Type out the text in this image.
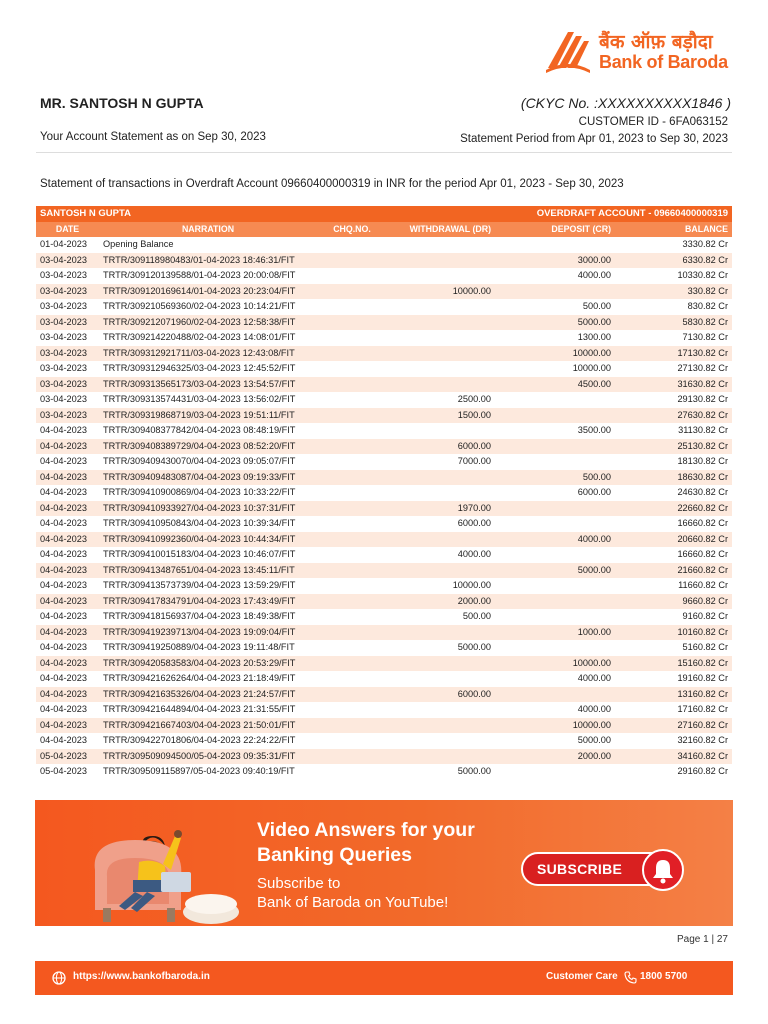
बैंक ऑफ़ बड़ौदा
Bank of Baroda
MR. SANTOSH N GUPTA	(CKYC No. :XXXXXXXXXX1846 )
CUSTOMER ID - 6FA063152
Your Account Statement as on Sep 30, 2023	Statement Period from Apr 01, 2023 to Sep 30, 2023
Statement of transactions in Overdraft Account 09660400000319 in INR for the period Apr 01, 2023 - Sep 30, 2023
SANTOSH N GUPTA			OVERDRAFT ACCOUNT - 09660400000319		
DATE	NARRATION	CHQ.NO.	WITHDRAWAL (DR)	DEPOSIT (CR)	BALANCE
01-04-2023	Opening Balance				3330.82 Cr
03-04-2023	TRTR/309118980483/01-04-2023 18:46:31/FIT			3000.00	6330.82 Cr
03-04-2023	TRTR/309120139588/01-04-2023 20:00:08/FIT			4000.00	10330.82 Cr
03-04-2023	TRTR/309120169614/01-04-2023 20:23:04/FIT		10000.00		330.82 Cr
03-04-2023	TRTR/309210569360/02-04-2023 10:14:21/FIT			500.00	830.82 Cr
03-04-2023	TRTR/309212071960/02-04-2023 12:58:38/FIT			5000.00	5830.82 Cr
03-04-2023	TRTR/309214220488/02-04-2023 14:08:01/FIT			1300.00	7130.82 Cr
03-04-2023	TRTR/309312921711/03-04-2023 12:43:08/FIT			10000.00	17130.82 Cr
03-04-2023	TRTR/309312946325/03-04-2023 12:45:52/FIT			10000.00	27130.82 Cr
03-04-2023	TRTR/309313565173/03-04-2023 13:54:57/FIT			4500.00	31630.82 Cr
03-04-2023	TRTR/309313574431/03-04-2023 13:56:02/FIT		2500.00		29130.82 Cr
03-04-2023	TRTR/309319868719/03-04-2023 19:51:11/FIT		1500.00		27630.82 Cr
04-04-2023	TRTR/309408377842/04-04-2023 08:48:19/FIT			3500.00	31130.82 Cr
04-04-2023	TRTR/309408389729/04-04-2023 08:52:20/FIT		6000.00		25130.82 Cr
04-04-2023	TRTR/309409430070/04-04-2023 09:05:07/FIT		7000.00		18130.82 Cr
04-04-2023	TRTR/309409483087/04-04-2023 09:19:33/FIT			500.00	18630.82 Cr
04-04-2023	TRTR/309410900869/04-04-2023 10:33:22/FIT			6000.00	24630.82 Cr
04-04-2023	TRTR/309410933927/04-04-2023 10:37:31/FIT		1970.00		22660.82 Cr
04-04-2023	TRTR/309410950843/04-04-2023 10:39:34/FIT		6000.00		16660.82 Cr
04-04-2023	TRTR/309410992360/04-04-2023 10:44:34/FIT			4000.00	20660.82 Cr
04-04-2023	TRTR/309410015183/04-04-2023 10:46:07/FIT		4000.00		16660.82 Cr
04-04-2023	TRTR/309413487651/04-04-2023 13:45:11/FIT			5000.00	21660.82 Cr
04-04-2023	TRTR/309413573739/04-04-2023 13:59:29/FIT		10000.00		11660.82 Cr
04-04-2023	TRTR/309417834791/04-04-2023 17:43:49/FIT		2000.00		9660.82 Cr
04-04-2023	TRTR/309418156937/04-04-2023 18:49:38/FIT		500.00		9160.82 Cr
04-04-2023	TRTR/309419239713/04-04-2023 19:09:04/FIT			1000.00	10160.82 Cr
04-04-2023	TRTR/309419250889/04-04-2023 19:11:48/FIT		5000.00		5160.82 Cr
04-04-2023	TRTR/309420583583/04-04-2023 20:53:29/FIT			10000.00	15160.82 Cr
04-04-2023	TRTR/309421626264/04-04-2023 21:18:49/FIT			4000.00	19160.82 Cr
04-04-2023	TRTR/309421635326/04-04-2023 21:24:57/FIT		6000.00		13160.82 Cr
04-04-2023	TRTR/309421644894/04-04-2023 21:31:55/FIT			4000.00	17160.82 Cr
04-04-2023	TRTR/309421667403/04-04-2023 21:50:01/FIT			10000.00	27160.82 Cr
04-04-2023	TRTR/309422701806/04-04-2023 22:24:22/FIT			5000.00	32160.82 Cr
05-04-2023	TRTR/309509094500/05-04-2023 09:35:31/FIT			2000.00	34160.82 Cr
05-04-2023	TRTR/309509115897/05-04-2023 09:40:19/FIT		5000.00		29160.82 Cr
Video Answers for your
Banking Queries
Subscribe to
Bank of Baroda on YouTube!
SUBSCRIBE
Page 1 | 27
https://www.bankofbaroda.in	Customer Care 1800 5700
